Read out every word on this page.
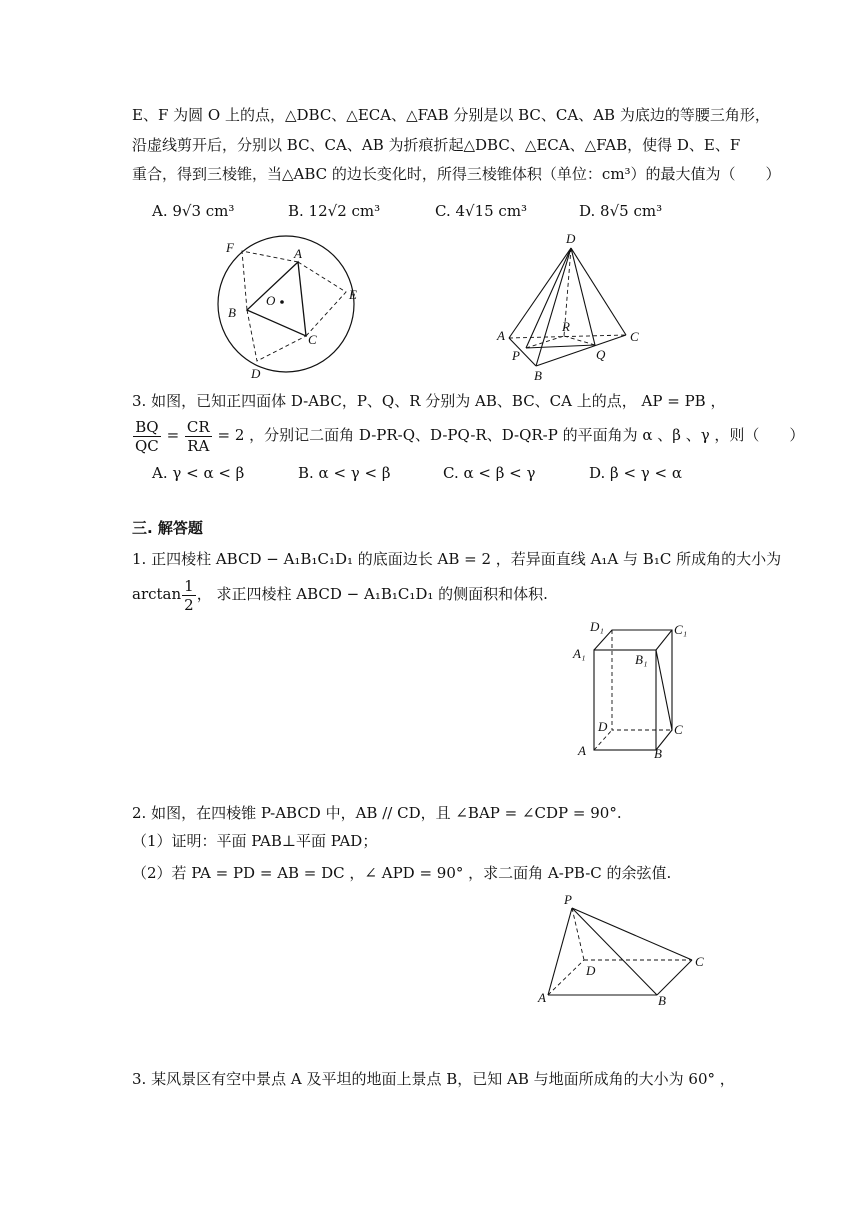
E、F 为圆 O 上的点，△DBC、△ECA、△FAB 分别是以 BC、CA、AB 为底边的等腰三角形，
沿虚线剪开后，分别以 BC、CA、AB 为折痕折起△DBC、△ECA、△FAB，使得 D、E、F
重合，得到三棱锥，当△ABC 的边长变化时，所得三棱锥体积（单位：cm³）的最大值为（　　）
A. 9√3 cm³	B. 12√2 cm³	C. 4√15 cm³	D. 8√5 cm³
F	A
E
O
B
C
D
D
A
R
C
P	Q
B
3. 如图，已知正四面体 D-ABC，P、Q、R 分别为 AB、BC、CA 上的点， AP = PB ，
$\frac{BQ}{QC} = \frac{CR}{RA} = 2$ ，分别记二面角 D-PR-Q、D-PQ-R、D-QR-P 的平面角为 α 、β 、γ ，则（　　）
A. γ < α < β	B. α < γ < β	C. α < β < γ	D. β < γ < α
三. 解答题
1. 正四棱柱 ABCD − A₁B₁C₁D₁ 的底面边长 AB = 2 ，若异面直线 A₁A 与 B₁C 所成角的大小为
$\arctan \frac{1}{2}$ ， 求正四棱柱 ABCD − A₁B₁C₁D₁ 的侧面积和体积.
D₁	C₁
A₁	B₁
D	C
A	B
2. 如图，在四棱锥 P-ABCD 中，AB // CD，且 ∠BAP = ∠CDP = 90°.
（1）证明：平面 PAB⊥平面 PAD；
（2）若 PA = PD = AB = DC ，∠ APD = 90° ，求二面角 A-PB-C 的余弦值.
P
D
C
A	B
3. 某风景区有空中景点 A 及平坦的地面上景点 B，已知 AB 与地面所成角的大小为 60° ，
